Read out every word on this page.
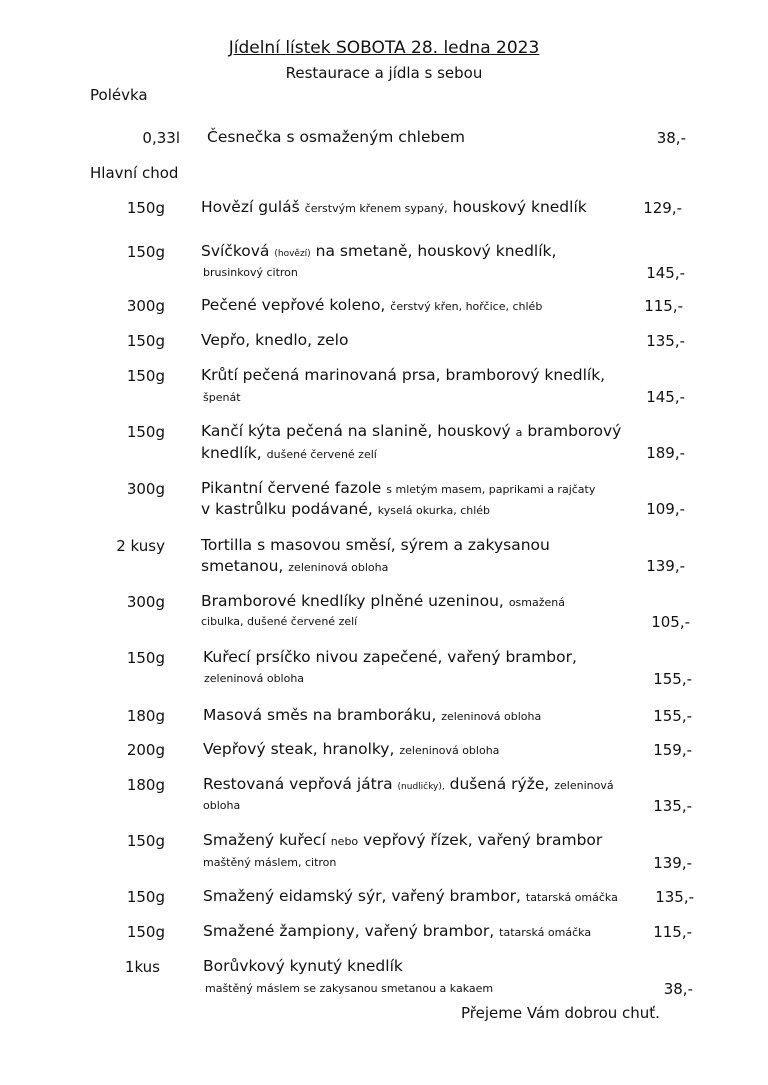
Jídelní lístek SOBOTA 28. ledna 2023
Restaurace a jídla s sebou
Polévka
0,33l Česnečka s osmaženým chlebem	38,-
Hlavní chod
150g Hovězí guláš čerstvým křenem sypaný, houskový knedlík	129,-
150g Svíčková (hovězí) na smetaně, houskový knedlík,
brusinkový citron	145,-
300g Pečené vepřové koleno, čerstvý křen, hořčice, chléb	115,-
150g Vepřo, knedlo, zelo	135,-
150g Krůtí pečená marinovaná prsa, bramborový knedlík,
špenát	145,-
150g Kančí kýta pečená na slanině, houskový a bramborový
knedlík, dušené červené zelí	189,-
300g Pikantní červené fazole s mletým masem, paprikami a rajčaty
v kastrůlku podávané, kyselá okurka, chléb	109,-
2 kusy Tortilla s masovou směsí, sýrem a zakysanou
smetanou, zeleninová obloha	139,-
300g Bramborové knedlíky plněné uzeninou, osmažená
cibulka, dušené červené zelí	105,-
150g Kuřecí prsíčko nivou zapečené, vařený brambor,
zeleninová obloha	155,-
180g Masová směs na bramboráku, zeleninová obloha	155,-
200g Vepřový steak, hranolky, zeleninová obloha	159,-
180g Restovaná vepřová játra (nudličky), dušená rýže, zeleninová
obloha	135,-
150g Smažený kuřecí nebo vepřový řízek, vařený brambor
maštěný máslem, citron	139,-
150g Smažený eidamský sýr, vařený brambor, tatarská omáčka	135,-
150g Smažené žampiony, vařený brambor, tatarská omáčka	115,-
1kus	Borůvkový kynutý knedlík
maštěný máslem se zakysanou smetanou a kakaem	38,-
Přejeme Vám dobrou chuť.
